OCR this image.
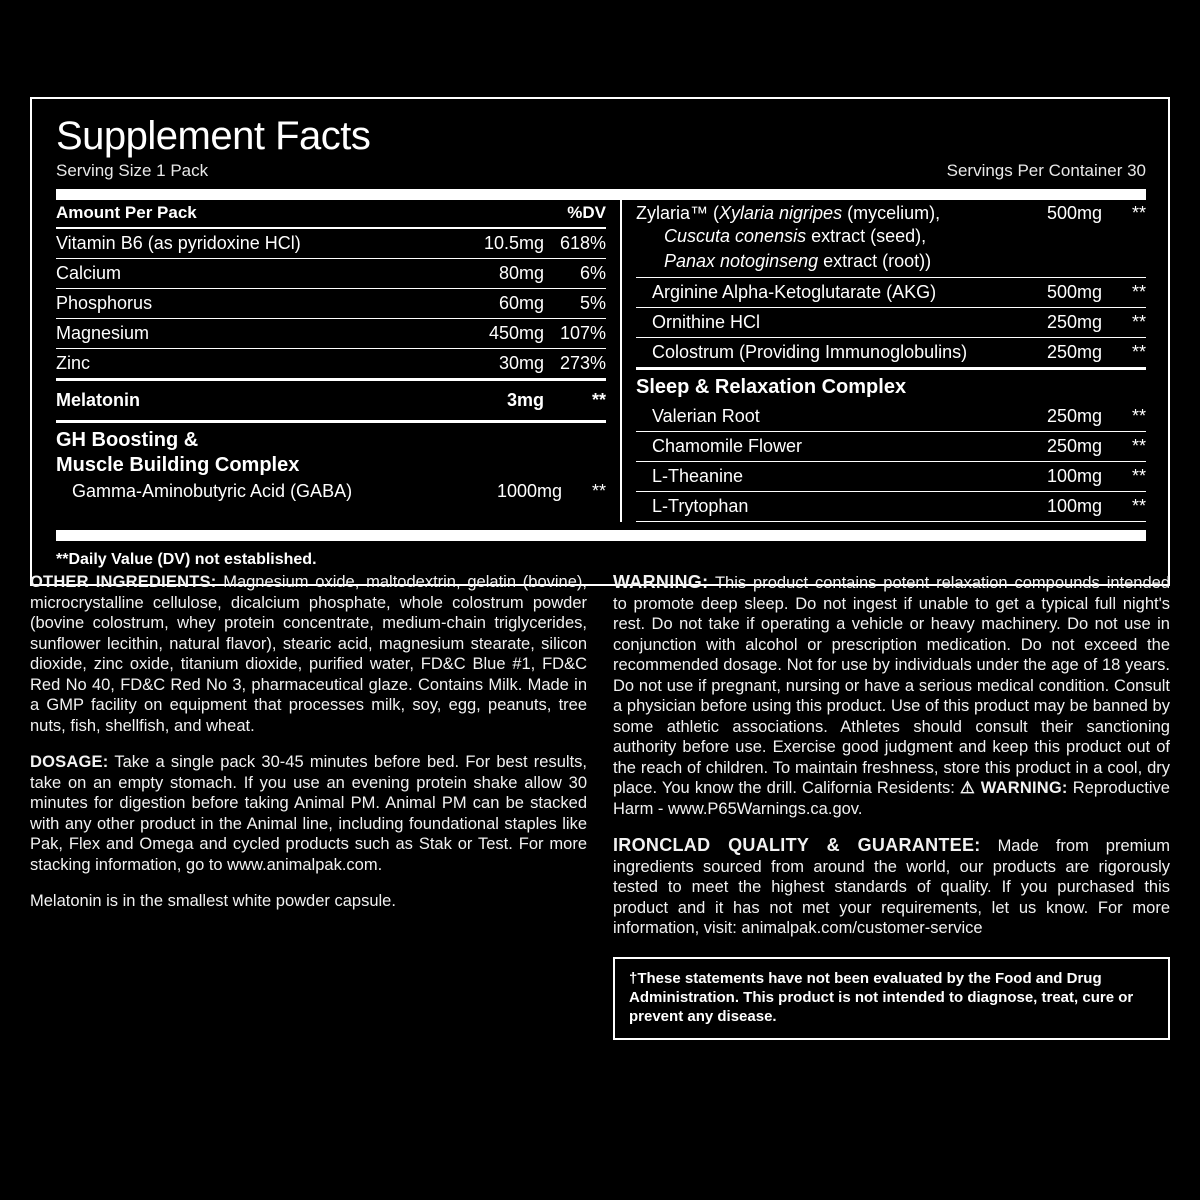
Supplement Facts
Serving Size 1 Pack	Servings Per Container 30
Amount Per Pack	%DV
Vitamin B6 (as pyridoxine HCl)	10.5mg 618%
Calcium	80mg	6%
Phosphorus	60mg	5%
Magnesium	450mg 107%
Zinc	30mg 273%
Melatonin	3mg	**
GH Boosting &
Muscle Building Complex
Gamma-Aminobutyric Acid (GABA)	1000mg	**
Zylaria™ (Xylaria nigripes (mycelium),	500mg	**
Cuscuta conensis extract (seed),
Panax notoginseng extract (root))
Arginine Alpha-Ketoglutarate (AKG)	500mg	**
Ornithine HCl	250mg	**
Colostrum (Providing Immunoglobulins)	250mg	**
Sleep & Relaxation Complex
Valerian Root	250mg	**
Chamomile Flower	250mg	**
L-Theanine	100mg	**
L-Trytophan	100mg	**
**Daily Value (DV) not established.

OTHER INGREDIENTS: Magnesium oxide, maltodextrin, gelatin (bovine), microcrystalline cellulose, dicalcium phosphate, whole colostrum powder (bovine colostrum, whey protein concentrate, medium-chain triglycerides, sunflower lecithin, natural flavor), stearic acid, magnesium stearate, silicon dioxide, zinc oxide, titanium dioxide, purified water, FD&C Blue #1, FD&C Red No 40, FD&C Red No 3, pharmaceutical glaze. Contains Milk. Made in a GMP facility on equipment that processes milk, soy, egg, peanuts, tree nuts, fish, shellfish, and wheat.

DOSAGE: Take a single pack 30-45 minutes before bed. For best results, take on an empty stomach. If you use an evening protein shake allow 30 minutes for digestion before taking Animal PM. Animal PM can be stacked with any other product in the Animal line, including foundational staples like Pak, Flex and Omega and cycled products such as Stak or Test. For more stacking information, go to www.animalpak.com.

Melatonin is in the smallest white powder capsule.

WARNING: This product contains potent relaxation compounds intended to promote deep sleep. Do not ingest if unable to get a typical full night's rest. Do not take if operating a vehicle or heavy machinery. Do not use in conjunction with alcohol or prescription medication. Do not exceed the recommended dosage. Not for use by individuals under the age of 18 years. Do not use if pregnant, nursing or have a serious medical condition. Consult a physician before using this product. Use of this product may be banned by some athletic associations. Athletes should consult their sanctioning authority before use. Exercise good judgment and keep this product out of the reach of children. To maintain freshness, store this product in a cool, dry place. You know the drill. California Residents: ⚠ WARNING: Reproductive Harm - www.P65Warnings.ca.gov.

IRONCLAD QUALITY & GUARANTEE: Made from premium ingredients sourced from around the world, our products are rigorously tested to meet the highest standards of quality. If you purchased this product and it has not met your requirements, let us know. For more information, visit: animalpak.com/customer-service

†These statements have not been evaluated by the Food and Drug Administration. This product is not intended to diagnose, treat, cure or prevent any disease.
